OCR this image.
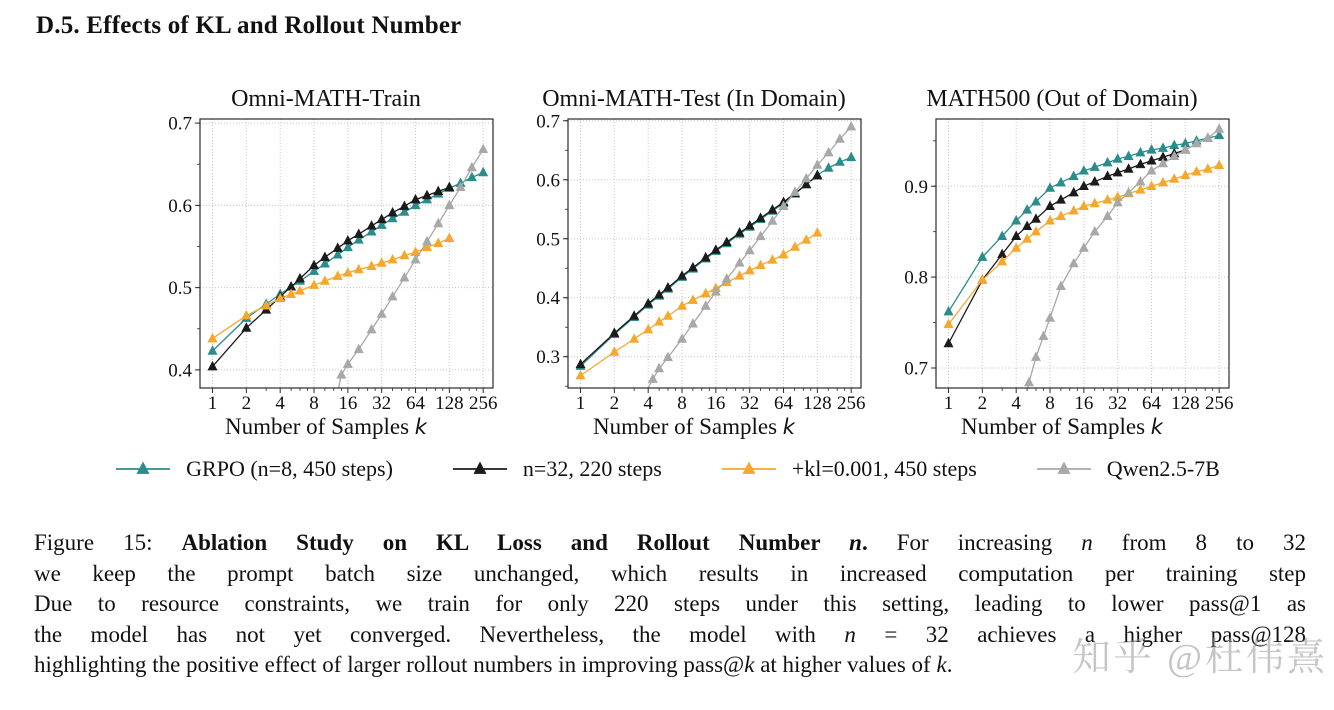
D.5. Effects of KL and Rollout Number
Omni-MATH-Train
1 2 4 8 16 32 64 128 256
0.4
0.5
0.6
0.7
Number of Samples k
Omni-MATH-Test (In Domain)
1 2 4 8 16 32 64 128 256
0.3
0.4
0.5
0.6
0.7
Number of Samples k
MATH500 (Out of Domain)
1 2 4 8 16 32 64 128 256
0.7
0.8
0.9
Number of Samples k
GRPO (n=8, 450 steps)	n=32, 220 steps	+kl=0.001, 450 steps	Qwen2.5-7B
Figure 15: Ablation Study on KL Loss and Rollout Number n. For increasing n from 8 to 32
we keep the prompt batch size unchanged, which results in increased computation per training step
Due to resource constraints, we train for only 220 steps under this setting, leading to lower pass@1 as
the model has not yet converged. Nevertheless, the model with n = 32 achieves a higher pass@128
highlighting the positive effect of larger rollout numbers in improving pass@k at higher values of k.	知乎 @杜伟熹
